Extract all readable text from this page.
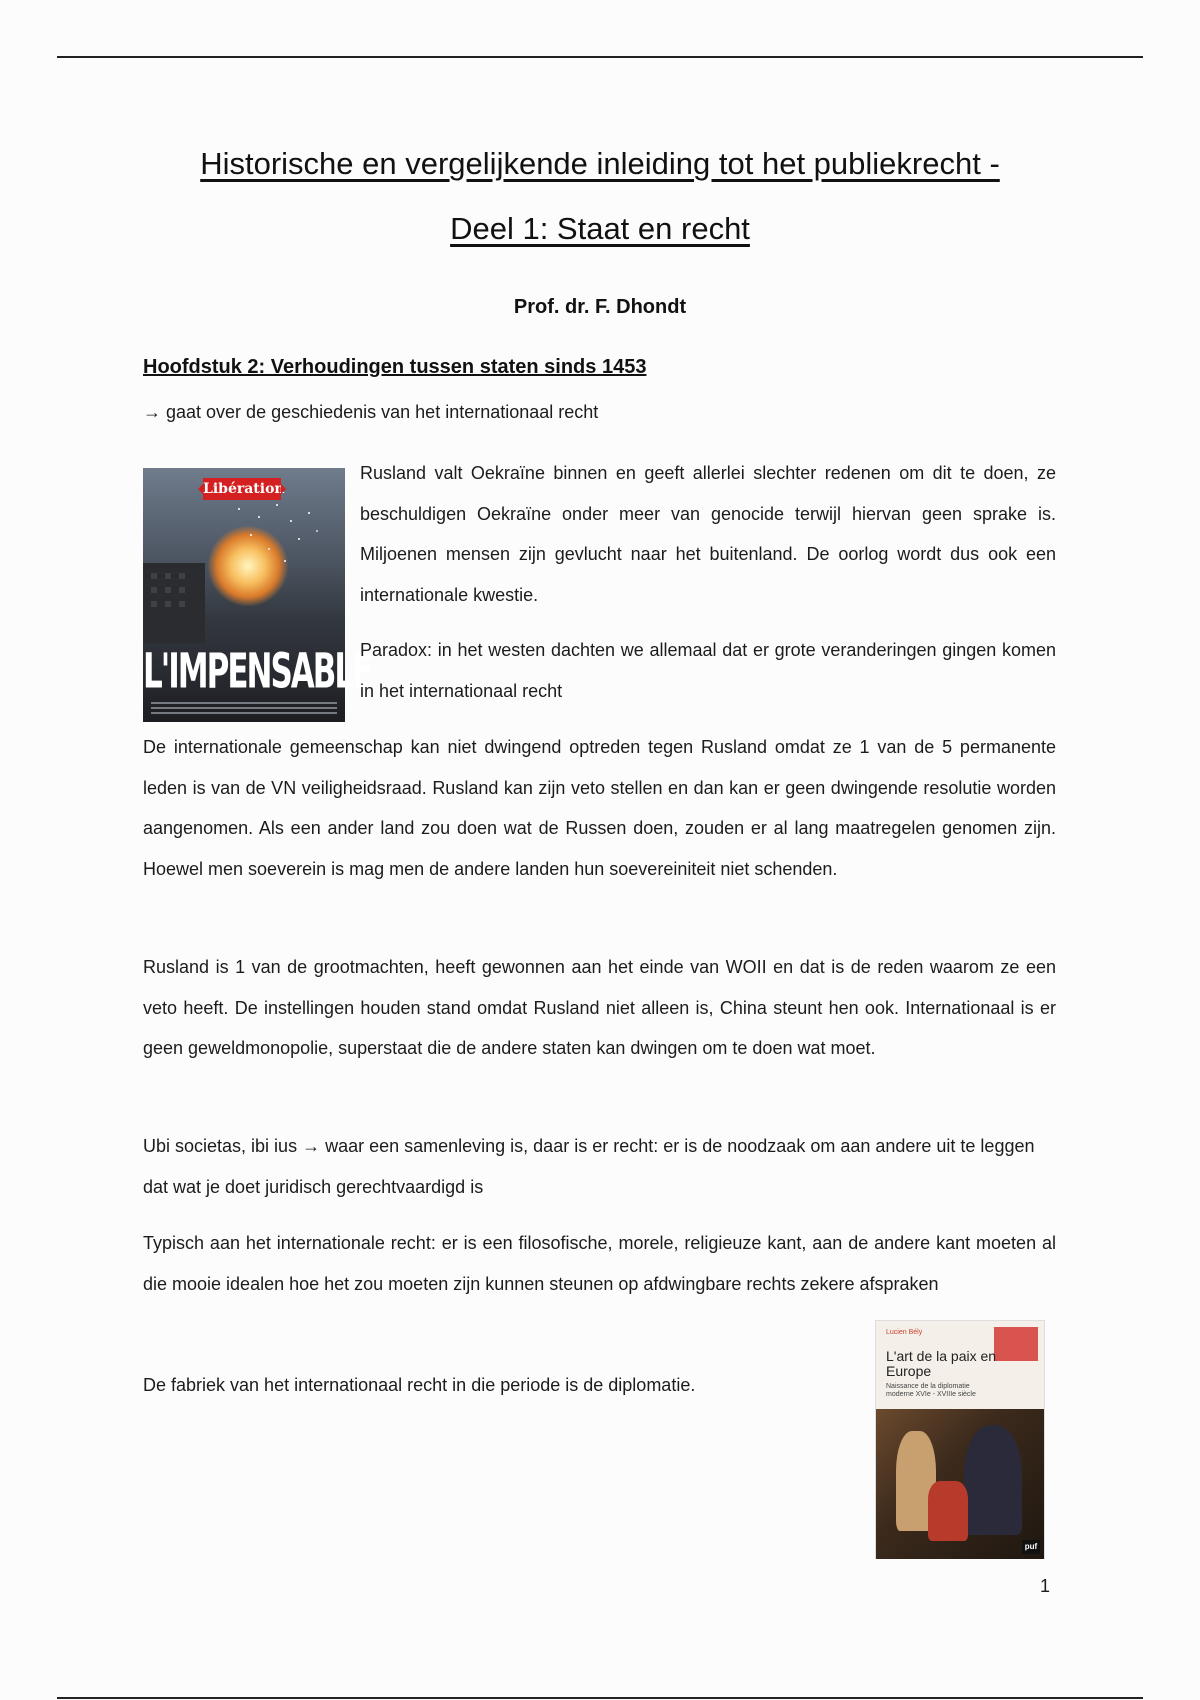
Historische en vergelijkende inleiding tot het publiekrecht -
Deel 1: Staat en recht
Prof. dr. F. Dhondt
Hoofdstuk 2: Verhoudingen tussen staten sinds 1453
→ gaat over de geschiedenis van het internationaal recht
Libération
L'IMPENSABLE

Rusland valt Oekraïne binnen en geeft allerlei slechter redenen om dit te doen, ze beschuldigen Oekraïne onder meer van genocide terwijl hiervan geen sprake is. Miljoenen mensen zijn gevlucht naar het buitenland. De oorlog wordt dus ook een internationale kwestie.

Paradox: in het westen dachten we allemaal dat er grote veranderingen gingen komen in het internationaal recht

De internationale gemeenschap kan niet dwingend optreden tegen Rusland omdat ze 1 van de 5 permanente leden is van de VN veiligheidsraad. Rusland kan zijn veto stellen en dan kan er geen dwingende resolutie worden aangenomen. Als een ander land zou doen wat de Russen doen, zouden er al lang maatregelen genomen zijn. Hoewel men soeverein is mag men de andere landen hun soevereiniteit niet schenden.

Rusland is 1 van de grootmachten, heeft gewonnen aan het einde van WOII en dat is de reden waarom ze een veto heeft. De instellingen houden stand omdat Rusland niet alleen is, China steunt hen ook. Internationaal is er geen geweldmonopolie, superstaat die de andere staten kan dwingen om te doen wat moet.

Ubi societas, ibi ius → waar een samenleving is, daar is er recht: er is de noodzaak om aan andere uit te leggen dat wat je doet juridisch gerechtvaardigd is

Typisch aan het internationale recht: er is een filosofische, morele, religieuze kant, aan de andere kant moeten al die mooie idealen hoe het zou moeten zijn kunnen steunen op afdwingbare rechts zekere afspraken

De fabriek van het internationaal recht in die periode is de diplomatie.

Lucien Bély
L'art de la paix en Europe
Naissance de la diplomatie moderne XVIe - XVIIIe siècle
puf
1
